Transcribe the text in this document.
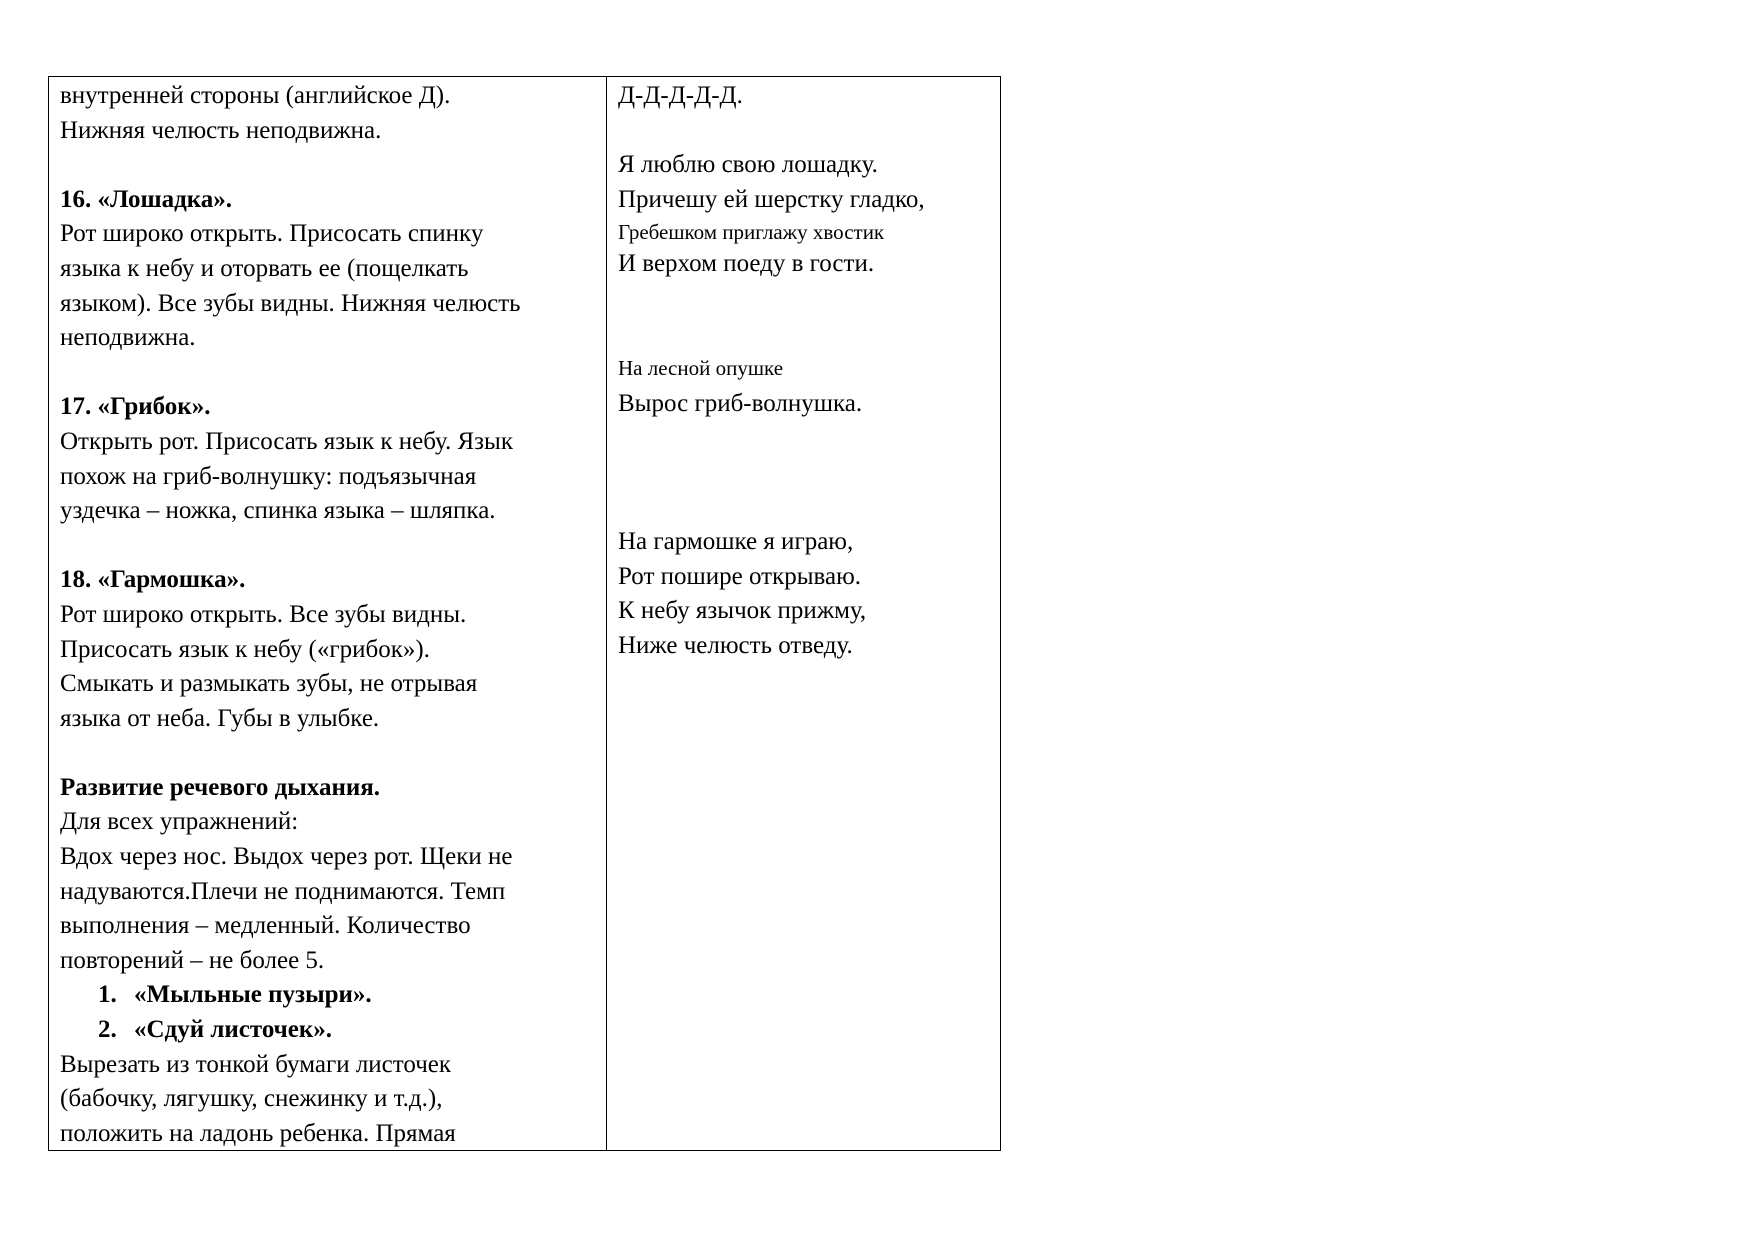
внутренней стороны (английское Д).
Нижняя челюсть неподвижна.
16. «Лошадка».
Рот широко открыть. Присосать спинку
языка к небу и оторвать ее (пощелкать
языком). Все зубы видны. Нижняя челюсть
неподвижна.
17. «Грибок».
Открыть рот. Присосать язык к небу. Язык
похож на гриб-волнушку: подъязычная
уздечка – ножка, спинка языка – шляпка.
18. «Гармошка».
Рот широко открыть. Все зубы видны.
Присосать язык к небу («грибок»).
Смыкать и размыкать зубы, не отрывая
языка от неба. Губы в улыбке.
Развитие речевого дыхания.
Для всех упражнений:
Вдох через нос. Выдох через рот. Щеки не
надуваются.Плечи не поднимаются. Темп
выполнения – медленный. Количество
повторений – не более 5.
1. «Мыльные пузыри».
2. «Сдуй листочек».
Вырезать из тонкой бумаги листочек
(бабочку, лягушку, снежинку и т.д.),
положить на ладонь ребенка. Прямая
Д-Д-Д-Д-Д.
Я люблю свою лошадку.
Причешу ей шерстку гладко,
Гребешком приглажу хвостик
И верхом поеду в гости.
На лесной опушке
Вырос гриб-волнушка.
На гармошке я играю,
Рот пошире открываю.
К небу язычок прижму,
Ниже челюсть отведу.
